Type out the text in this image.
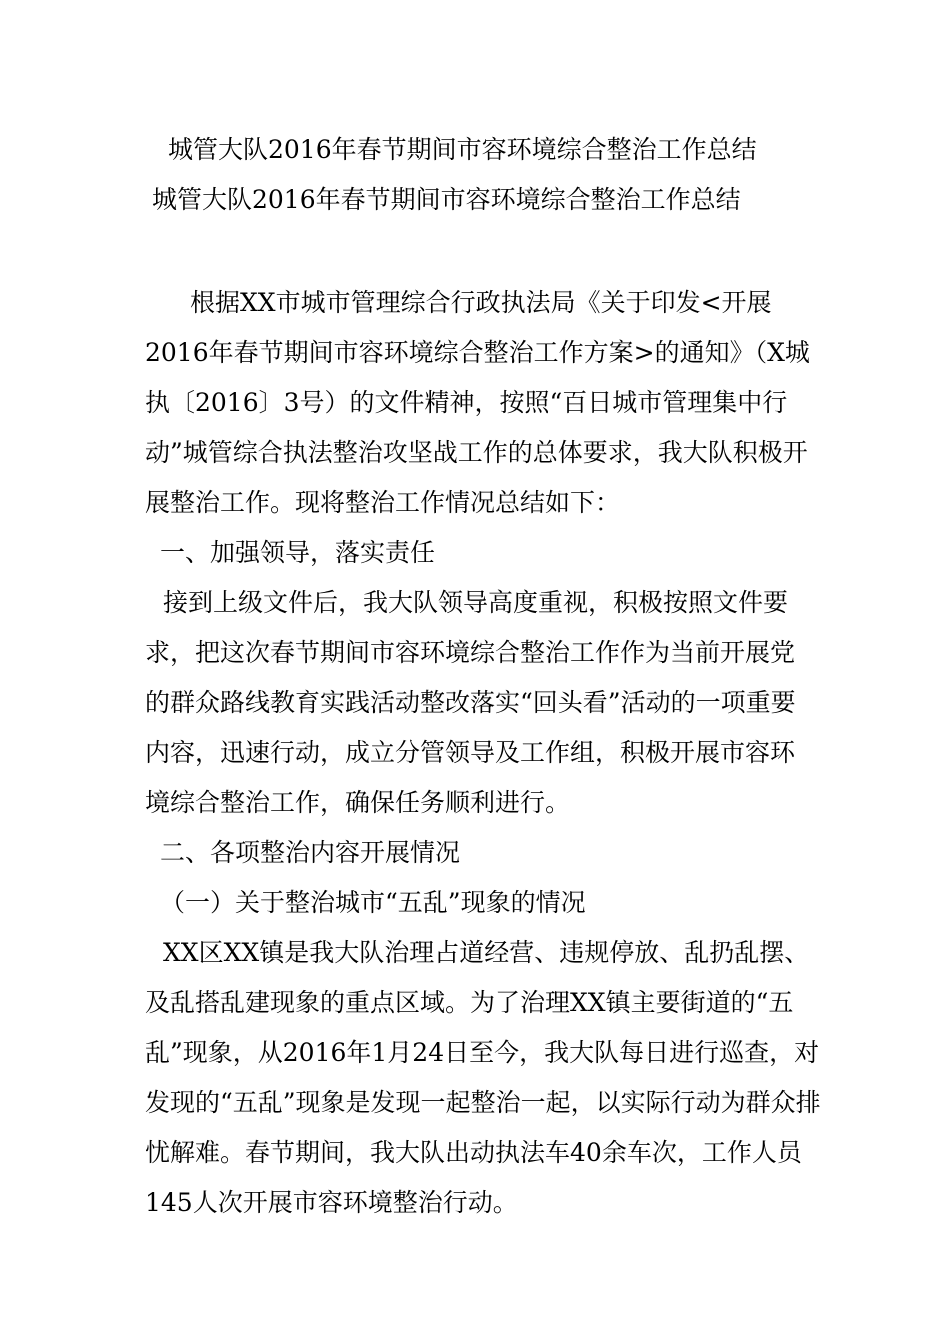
城管大队2016年春节期间市容环境综合整治工作总结
城管大队2016年春节期间市容环境综合整治工作总结

根据XX市城市管理综合行政执法局《关于印发<开展2016年春节期间市容环境综合整治工作方案>的通知》（X城执〔2016〕3号）的文件精神，按照“百日城市管理集中行动”城管综合执法整治攻坚战工作的总体要求，我大队积极开展整治工作。现将整治工作情况总结如下：

一、加强领导，落实责任

接到上级文件后，我大队领导高度重视，积极按照文件要求，把这次春节期间市容环境综合整治工作作为当前开展党的群众路线教育实践活动整改落实“回头看”活动的一项重要内容，迅速行动，成立分管领导及工作组，积极开展市容环境综合整治工作，确保任务顺利进行。

二、各项整治内容开展情况

（一）关于整治城市“五乱”现象的情况

XX区XX镇是我大队治理占道经营、违规停放、乱扔乱摆、及乱搭乱建现象的重点区域。为了治理XX镇主要街道的“五乱”现象，从2016年1月24日至今，我大队每日进行巡查，对发现的“五乱”现象是发现一起整治一起，以实际行动为群众排忧解难。春节期间，我大队出动执法车40余车次，工作人员145人次开展市容环境整治行动。
